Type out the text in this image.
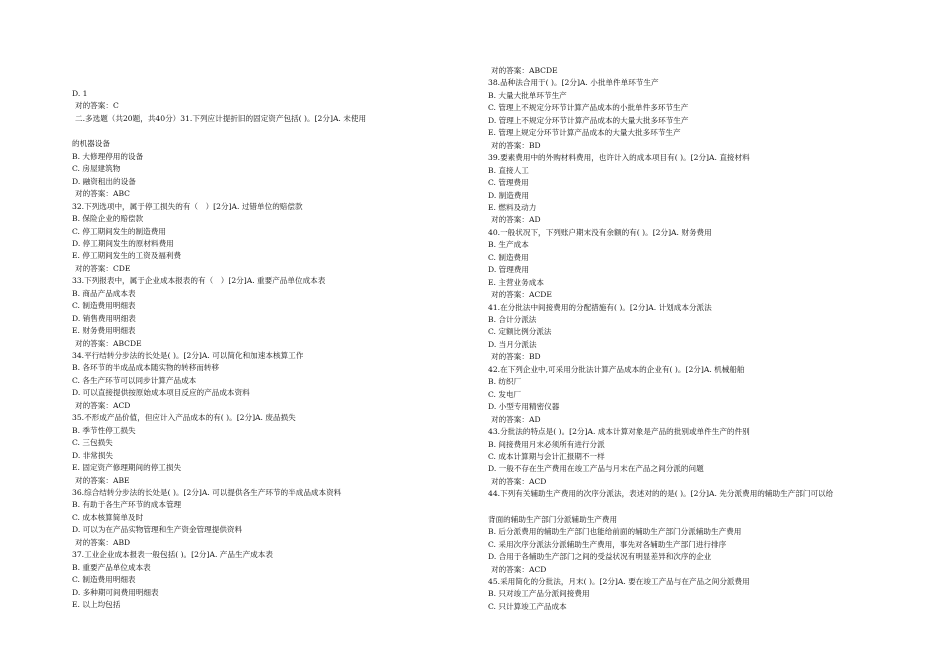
D. 1
对的答案：C
二.多选题（共20题，共40分）31.下列应计提折旧的固定资产包括( )。[2分]A. 未使用
的机器设备
B. 大修理停用的设备
C. 房屋建筑物
D. 融资租出的设备
对的答案：ABC
32.下列选项中，属于停工损失的有（　）[2分]A. 过错单位的赔偿款
B. 保险企业的赔偿款
C. 停工期间发生的制造费用
D. 停工期间发生的原材料费用
E. 停工期间发生的工资及福利费
对的答案：CDE
33.下列报表中，属于企业成本报表的有（　）[2分]A. 重要产品单位成本表
B. 商品产品成本表
C. 制造费用明细表
D. 销售费用明细表
E. 财务费用明细表
对的答案：ABCDE
34.平行结转分步法的长处是( )。[2分]A. 可以简化和加速本核算工作
B. 各环节的半成品成本随实物的转移而转移
C. 各生产环节可以同步计算产品成本
D. 可以直接提供按原始成本项目反应的产品成本资料
对的答案：ACD
35.不形成产品价值，但应计入产品成本的有( )。[2分]A. 废品损失
B. 季节性停工损失
C. 三包损失
D. 非常损失
E. 固定资产修理期间的停工损失
对的答案：ABE
36.综合结转分步法的长处是( )。[2分]A. 可以提供各生产环节的半成品成本资料
B. 有助于各生产环节的成本管理
C. 成本核算简单及时
D. 可以为在产品实物管理和生产资金管理提供资料
对的答案：ABD
37.工业企业成本报表一般包括( )。[2分]A. 产品生产成本表
B. 重要产品单位成本表
C. 制造费用明细表
D. 多种期可间费用明细表
E. 以上均包括
对的答案：ABCDE
38.品种法合用于( )。[2分]A. 小批单件单环节生产
B. 大量大批单环节生产
C. 管理上不规定分环节计算产品成本的小批单件多环节生产
D. 管理上不规定分环节计算产品成本的大量大批多环节生产
E. 管理上规定分环节计算产品成本的大量大批多环节生产
对的答案：BD
39.要素费用中的外购材料费用，也许计入的成本项目有( )。[2分]A. 直接材料
B. 直接人工
C. 管理费用
D. 制造费用
E. 燃料及动力
对的答案：AD
40.一般状况下，下列账户期末没有余额的有( )。[2分]A. 财务费用
B. 生产成本
C. 制造费用
D. 管理费用
E. 主营业务成本
对的答案：ACDE
41.在分批法中间接费用的分配措施有( )。[2分]A. 计划成本分派法
B. 合计分派法
C. 定额比例分派法
D. 当月分派法
对的答案：BD
42.在下列企业中,可采用分批法计算产品成本的企业有( )。[2分]A. 机械船舶
B. 纺织厂
C. 发电厂
D. 小型专用精密仪器
对的答案：AD
43.分批法的特点是( )。[2分]A. 成本计算对象是产品的批别或单件生产的件别
B. 间接费用月末必须所有进行分派
C. 成本计算期与会计汇报期不一样
D. 一般不存在生产费用在竣工产品与月末在产品之间分派的问题
对的答案：ACD
44.下列有关辅助生产费用的次序分派法，表述对的的是( )。[2分]A. 先分派费用的辅助生产部门可以给
背面的辅助生产部门分派辅助生产费用
B. 后分派费用的辅助生产部门也能给前面的辅助生产部门分派辅助生产费用
C. 采用次序分派法分派辅助生产费用，事先对各辅助生产部门进行排序
D. 合用于各辅助生产部门之间的受益状况有明显差异和次序的企业
对的答案：ACD
45.采用简化的分批法，月末( )。[2分]A. 要在竣工产品与在产品之间分派费用
B. 只对竣工产品分派间接费用
C. 只计算竣工产品成本
